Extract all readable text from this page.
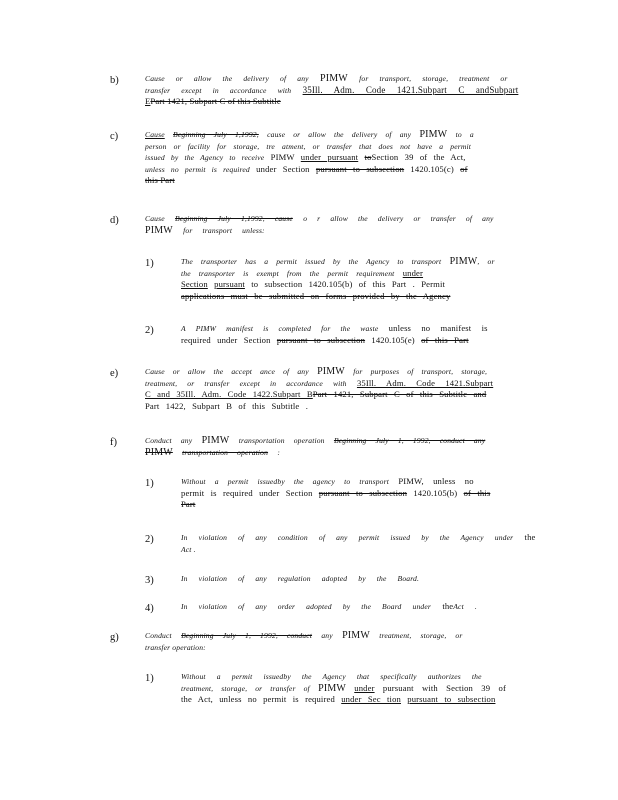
b)	Cause or allow the delivery of any PIMW for transport, storage, treatment or

transfer except in accordance with 35Ill. Adm. Code 1421.Subpart C andSubpart

EPart 1421, Subpart C of this Subtitle

c)	Cause Beginning July 1,1992, cause or allow the delivery of any PIMW to a

person or facility for storage, tre atment, or transfer that does not have a permit

issued by the Agency to receive PIMW under pursuant toSection 39 of the Act,

unless no permit is required under Section pursuant to subsection 1420.105(c) of

this Part

d)	Cause Beginning July 1,1992, cause o r allow the delivery or transfer of any

PIMW for transport unless:

1)	The transporter has a permit issued by the Agency to transport PIMW, or

the transporter is exempt from the permit requirement under

Section pursuant to subsection 1420.105(b) of this Part . Permit

applications must be submitted on forms provided by the Agency

2)	A PIMW manifest is completed for the waste unless no manifest is

required under Section pursuant to subsection 1420.105(e) of this Part

e)	Cause or allow the accept ance of any PIMW for purposes of transport, storage,

treatment, or transfer except in accordance with 35Ill. Adm. Code 1421.Subpart

C and 35Ill. Adm. Code 1422.Subpart BPart 1421, Subpart C of this Subtitle and

Part 1422, Subpart B of this Subtitle .

f)	Conduct any PIMW transportation operation Beginning July 1, 1992, conduct any

PIMW transportation operation :

1)	Without a permit issuedby the agency to transport PIMW, unless no

permit is required under Section pursuant to subsection 1420.105(b) of this

Part

2)	In violation of any condition of any permit issued by the Agency under the

Act .

3)	In violation of any regulation adopted by the Board.

4)	In violation of any order adopted by the Board under theAct .

g)	Conduct Beginning July 1, 1992, conduct any PIMW treatment, storage, or

transfer operation:

1)	Without a permit issuedby the Agency that specifically authorizes the

treatment, storage, or transfer of PIMW under pursuant with Section 39 of

the Act, unless no permit is required under Sec tion pursuant to subsection
